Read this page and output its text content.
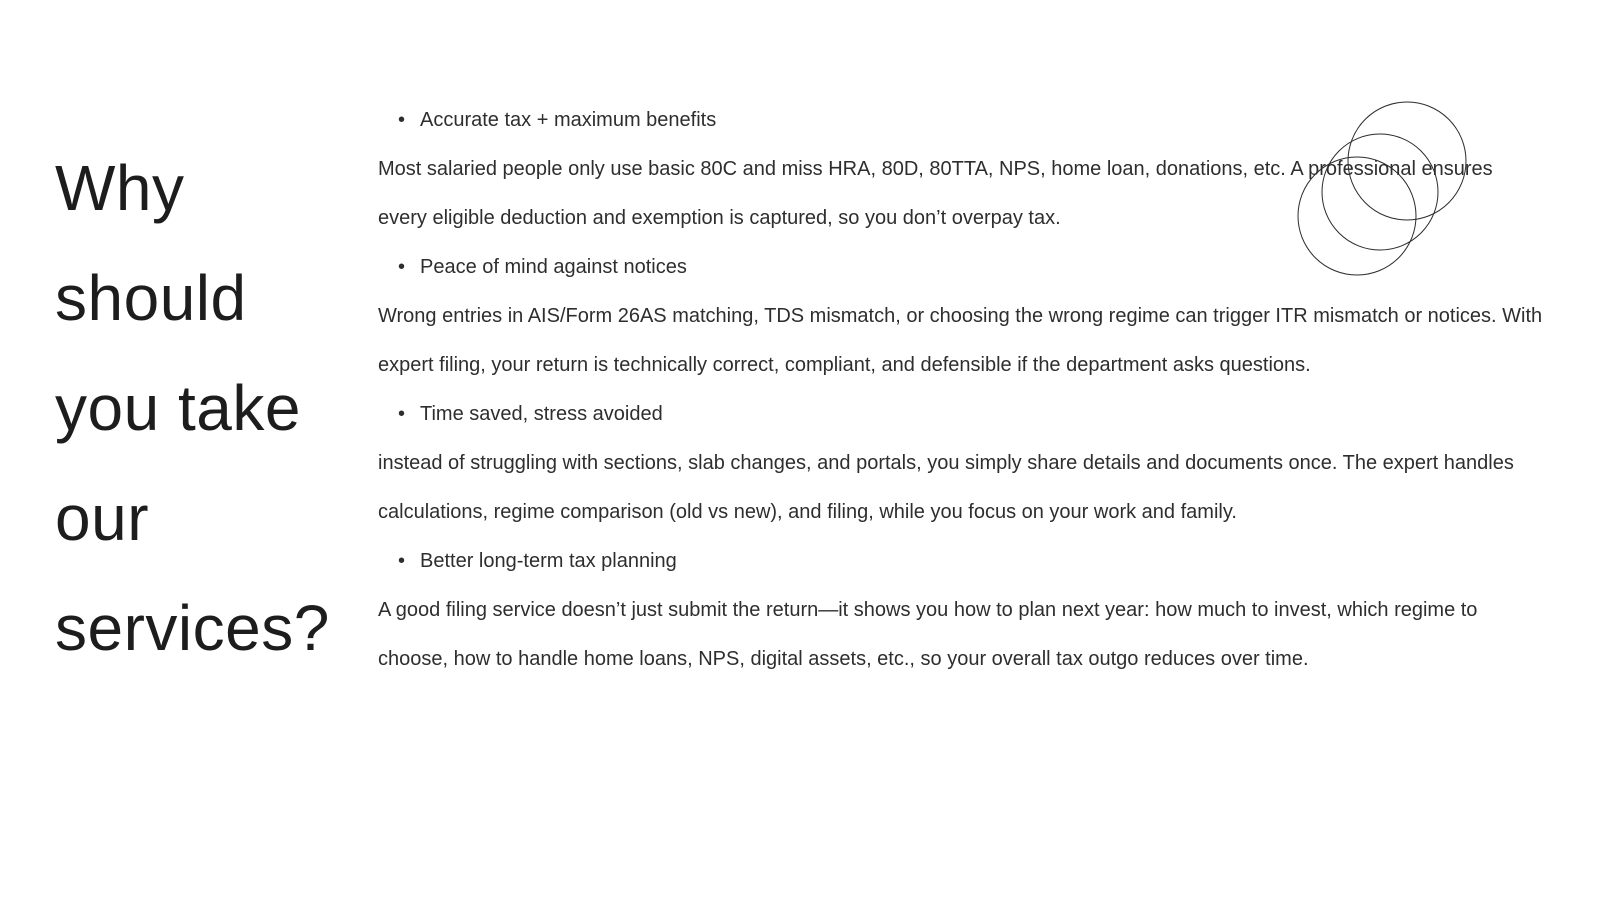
Why
should
you take
our
services?
• Accurate tax + maximum benefits

Most salaried people only use basic 80C and miss HRA, 80D, 80TTA, NPS, home loan, donations, etc. A professional ensures every eligible deduction and exemption is captured, so you don’t overpay tax.

• Peace of mind against notices

Wrong entries in AIS/Form 26AS matching, TDS mismatch, or choosing the wrong regime can trigger ITR mismatch or notices. With expert filing, your return is technically correct, compliant, and defensible if the department asks questions.

• Time saved, stress avoided

instead of struggling with sections, slab changes, and portals, you simply share details and documents once. The expert handles calculations, regime comparison (old vs new), and filing, while you focus on your work and family.

• Better long-term tax planning

A good filing service doesn’t just submit the return—it shows you how to plan next year: how much to invest, which regime to choose, how to handle home loans, NPS, digital assets, etc., so your overall tax outgo reduces over time.
